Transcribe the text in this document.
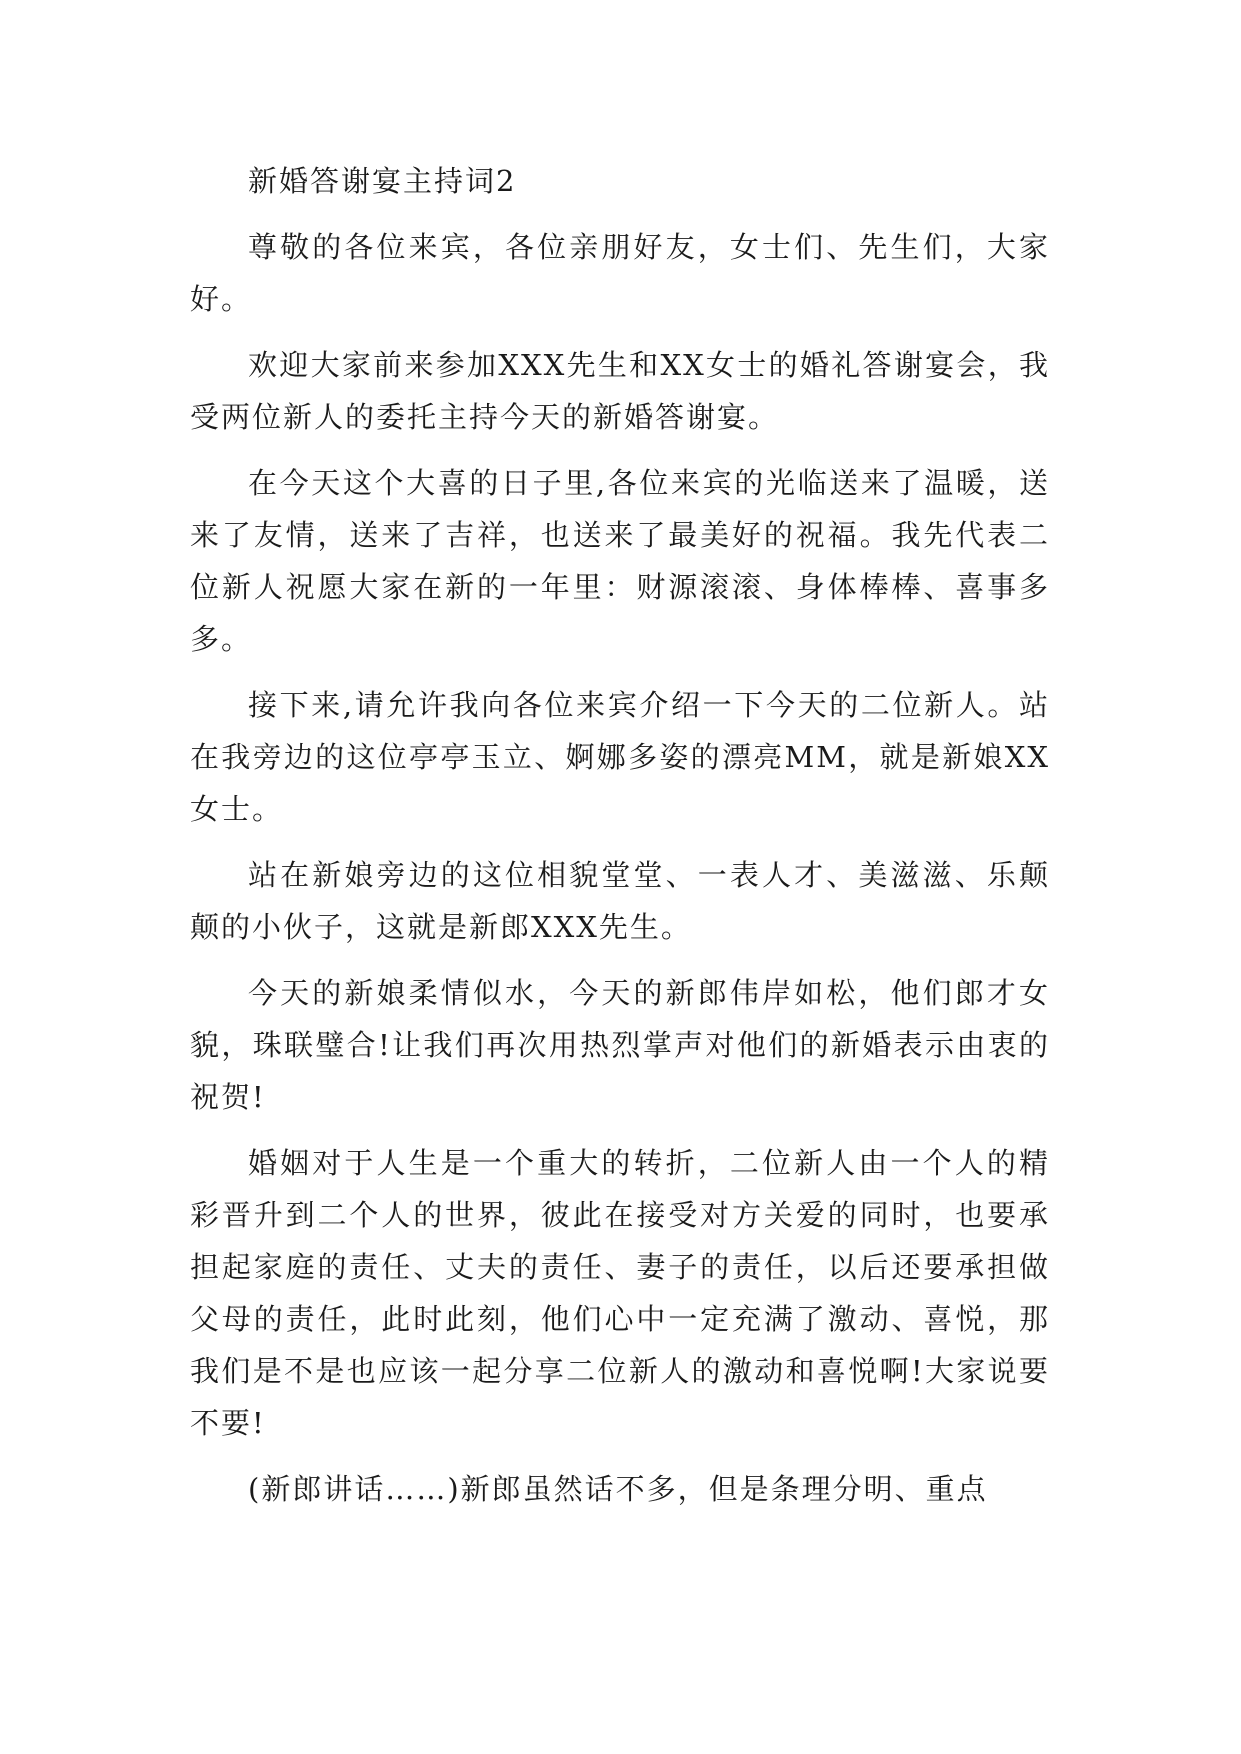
新婚答谢宴主持词2

尊敬的各位来宾，各位亲朋好友，女士们、先生们，大家好。

欢迎大家前来参加XXX先生和XX女士的婚礼答谢宴会，我受两位新人的委托主持今天的新婚答谢宴。

在今天这个大喜的日子里,各位来宾的光临送来了温暖，送来了友情，送来了吉祥，也送来了最美好的祝福。我先代表二位新人祝愿大家在新的一年里：财源滚滚、身体棒棒、喜事多多。

接下来,请允许我向各位来宾介绍一下今天的二位新人。站在我旁边的这位亭亭玉立、婀娜多姿的漂亮MM，就是新娘XX女士。

站在新娘旁边的这位相貌堂堂、一表人才、美滋滋、乐颠颠的小伙子，这就是新郎XXX先生。

今天的新娘柔情似水，今天的新郎伟岸如松，他们郎才女貌，珠联璧合!让我们再次用热烈掌声对他们的新婚表示由衷的祝贺!

婚姻对于人生是一个重大的转折，二位新人由一个人的精彩晋升到二个人的世界，彼此在接受对方关爱的同时，也要承担起家庭的责任、丈夫的责任、妻子的责任，以后还要承担做父母的责任，此时此刻，他们心中一定充满了激动、喜悦，那我们是不是也应该一起分享二位新人的激动和喜悦啊!大家说要不要!

(新郎讲话……)新郎虽然话不多，但是条理分明、重点
